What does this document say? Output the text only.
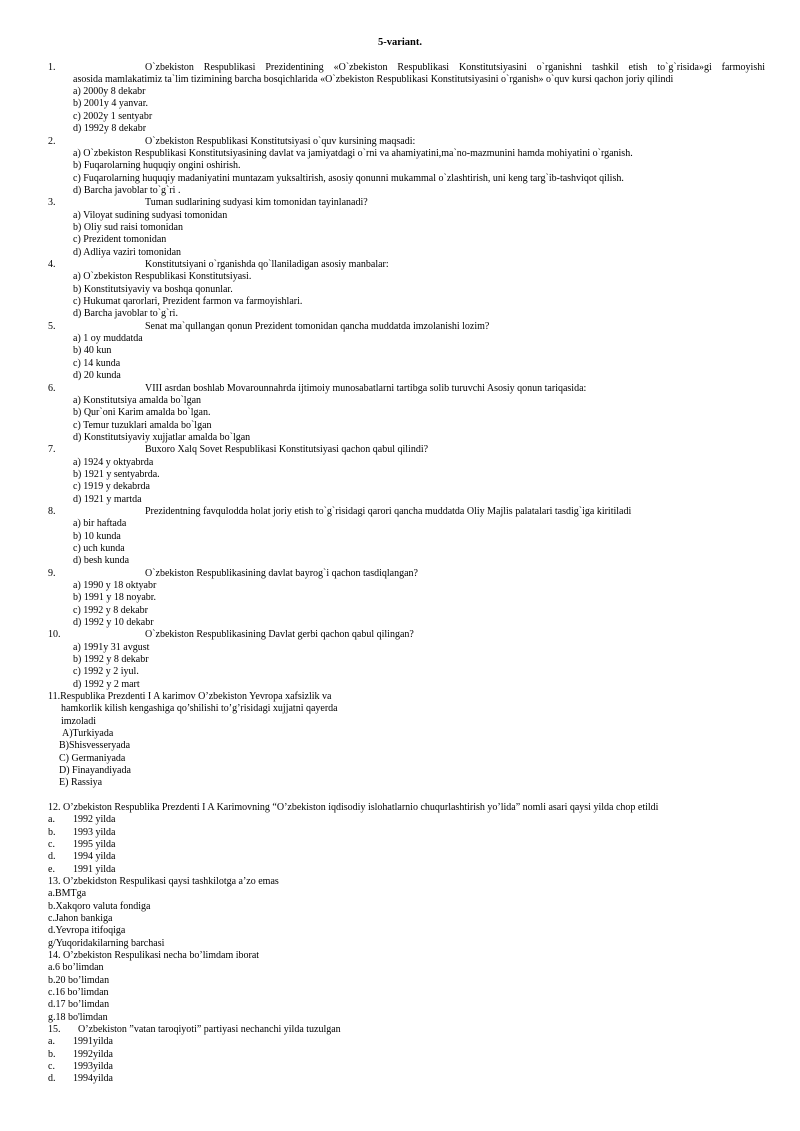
5-variant.
1.	O`zbekiston Respublikasi Prezidentining «O`zbekiston Respublikasi Konstitutsiyasini o`rganishni tashkil etish to`g`risida»gi farmoyishi
asosida mamlakatimiz ta`lim tizimining barcha bosqichlarida «O`zbekiston Respublikasi Konstitutsiyasini o`rganish» o`quv kursi qachon joriy qilindi
a) 2000y 8 dekabr
b) 2001y 4 yanvar.
c) 2002y 1 sentyabr
d) 1992y 8 dekabr
2.	O`zbekiston Respublikasi Konstitutsiyasi o`quv kursining maqsadi:
a) O`zbekiston Respublikasi Konstitutsiyasining davlat va jamiyatdagi o`rni va ahamiyatini,ma`no-mazmunini hamda mohiyatini o`rganish.
b) Fuqarolarning huquqiy ongini oshirish.
c) Fuqarolarning huquqiy madaniyatini muntazam yuksaltirish, asosiy qonunni mukammal o`zlashtirish, uni keng targ`ib-tashviqot qilish.
d) Barcha javoblar to`g`ri .
3.	Tuman sudlarining sudyasi kim tomonidan tayinlanadi?
a) Viloyat sudining sudyasi tomonidan
b) Oliy sud raisi tomonidan
c) Prezident tomonidan
d) Adliya vaziri tomonidan
4.	Konstitutsiyani o`rganishda qo`llaniladigan asosiy manbalar:
a) O`zbekiston Respublikasi Konstitutsiyasi.
b) Konstitutsiyaviy va boshqa qonunlar.
c) Hukumat qarorlari, Prezident farmon va farmoyishlari.
d) Barcha javoblar to`g`ri.
5.	Senat ma`qullangan qonun Prezident tomonidan qancha muddatda imzolanishi lozim?
a) 1 oy muddatda
b) 40 kun
c) 14 kunda
d) 20 kunda
6.	VIII asrdan boshlab Movarounnahrda ijtimoiy munosabatlarni tartibga solib turuvchi Asosiy qonun tariqasida:
a) Konstitutsiya amalda bo`lgan
b) Qur`oni Karim amalda bo`lgan.
c) Temur tuzuklari amalda bo`lgan
d) Konstitutsiyaviy xujjatlar amalda bo`lgan
7.	Buxoro Xalq Sovet Respublikasi Konstitutsiyasi qachon qabul qilindi?
a) 1924 y oktyabrda
b) 1921 y sentyabrda.
c) 1919 y dekabrda
d) 1921 y martda
8.	Prezidentning favqulodda holat joriy etish to`g`risidagi qarori qancha muddatda Oliy Majlis palatalari tasdig`iga kiritiladi
a) bir haftada
b) 10 kunda
c) uch kunda
d) besh kunda
9.	O`zbekiston Respublikasining davlat bayrog`i qachon tasdiqlangan?
a) 1990 y 18 oktyabr
b) 1991 y 18 noyabr.
c) 1992 y 8 dekabr
d) 1992 y 10 dekabr
10.	O`zbekiston Respublikasining Davlat gerbi qachon qabul qilingan?
a) 1991y 31 avgust
b) 1992 y 8 dekabr
c) 1992 y 2 iyul.
d) 1992 y 2 mart
11.Respublika Prezdenti I A karimov O’zbekiston Yevropa xafsizlik va
hamkorlik kilish kengashiga qo’shilishi to’g’risidagi xujjatni qayerda
imzoladi
A)Turkiyada
B)Shisvesseryada
C) Germaniyada
D) Finayandiyada
E) Rassiya
12. O’zbekiston Respublika Prezdenti I A Karimovning “O’zbekiston iqdisodiy islohatlarnio chuqurlashtirish yo’lida” nomli asari qaysi yilda chop etildi
a. 1992 yilda
b. 1993 yilda
c. 1995 yilda
d. 1994 yilda
e. 1991 yilda
13. O’zbekidston Respulikasi qaysi tashkilotga a’zo emas
a.BMTga
b.Xakqoro valuta fondiga
c.Jahon bankiga
d.Yevropa itifoqiga
g/Yuqoridakilarning barchasi
14. O’zbekiston Respulikasi necha bo’limdam iborat
a.6 bo’limdan
b.20 bo’limdan
c.16 bo’limdan
d.17 bo’limdan
g.18 bo'limdan
15. O’zbekiston ”vatan taroqiyoti” partiyasi nechanchi yilda tuzulgan
a. 1991yilda
b. 1992yilda
c. 1993yilda
d. 1994yilda
